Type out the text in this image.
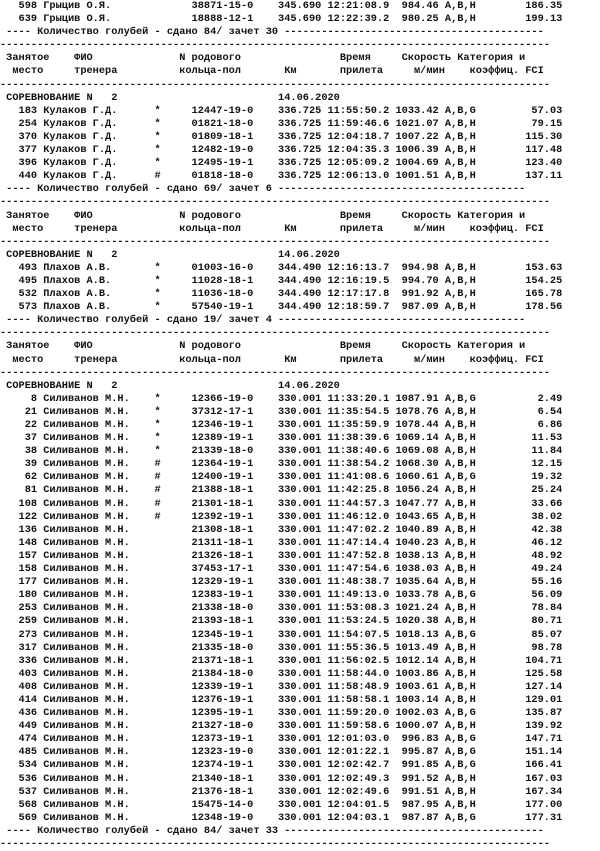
598 Грыцив О.Я.             38871-15-0    345.690 12:21:08.9  984.46 А,В,Н        186.35
639 Грыцив О.Я.             18888-12-1    345.690 12:22:39.2  980.25 А,В,Н        199.13
---- Количество голубей - сдано 84/ зачет 30 ------------------------------------------
-----------------------------------------------------------------------------------------
Занятое    ФИО              N родового                Время     Скорость Категория и
место     тренера          кольца-пол       Км       прилета     м/мин    коэффиц. FCI
-----------------------------------------------------------------------------------------
СОРЕВНОВАНИЕ N   2                          14.06.2020
183 Кулаков Г.Д.      *     12447-19-0    336.725 11:55:50.2 1033.42 А,В,G         57.03
254 Кулаков Г.Д.      *     01821-18-0    336.725 11:59:46.6 1021.07 А,В,Н         79.15
370 Кулаков Г.Д.      *     01809-18-1    336.725 12:04:18.7 1007.22 А,В,Н        115.30
377 Кулаков Г.Д.      *     12482-19-0    336.725 12:04:35.3 1006.39 А,В,Н        117.48
396 Кулаков Г.Д.      *     12495-19-1    336.725 12:05:09.2 1004.69 А,В,Н        123.40
440 Кулаков Г.Д.      #     01818-18-0    336.725 12:06:13.0 1001.51 А,В,Н        137.11
---- Количество голубей - сдано 69/ зачет 6 ----------------------------------------
-----------------------------------------------------------------------------------------
Занятое    ФИО              N родового                Время     Скорость Категория и
место     тренера          кольца-пол       Км       прилета     м/мин    коэффиц. FCI
-----------------------------------------------------------------------------------------
СОРЕВНОВАНИЕ N   2                          14.06.2020
493 Плахов А.В.       *     01003-16-0    344.490 12:16:13.7  994.98 А,В,Н        153.63
495 Плахов А.В.       *     11028-18-1    344.490 12:16:19.5  994.70 А,В,Н        154.25
532 Плахов А.В.       *     11036-18-0    344.490 12:17:17.8  991.92 А,В,Н        165.78
573 Плахов А.В.       *     57540-19-1    344.490 12:18:59.7  987.09 А,В,Н        178.56
---- Количество голубей - сдано 19/ зачет 4 ----------------------------------------
-----------------------------------------------------------------------------------------
Занятое    ФИО              N родового                Время     Скорость Категория и
место     тренера          кольца-пол       Км       прилета     м/мин    коэффиц. FCI
-----------------------------------------------------------------------------------------
СОРЕВНОВАНИЕ N   2                          14.06.2020
8 Силиванов М.Н.    *     12366-19-0    330.001 11:33:20.1 1087.91 А,В,G          2.49
21 Силиванов М.Н.    *     37312-17-1    330.001 11:35:54.5 1078.76 А,В,Н          6.54
22 Силиванов М.Н.    *     12346-19-1    330.001 11:35:59.9 1078.44 А,В,Н          6.86
37 Силиванов М.Н.    *     12389-19-1    330.001 11:38:39.6 1069.14 А,В,Н         11.53
38 Силиванов М.Н.    *     21339-18-0    330.001 11:38:40.6 1069.08 А,В,Н         11.84
39 Силиванов М.Н.    #     12364-19-1    330.001 11:38:54.2 1068.30 А,В,Н         12.15
62 Силиванов М.Н.    #     12400-19-1    330.001 11:41:08.6 1060.61 А,В,G         19.32
81 Силиванов М.Н.    #     21388-18-1    330.001 11:42:25.8 1056.24 А,В,Н         25.24
108 Силиванов М.Н.    #     21301-18-1    330.001 11:44:57.3 1047.77 А,В,Н         33.66
122 Силиванов М.Н.    #     12392-19-1    330.001 11:46:12.0 1043.65 А,В,Н         38.02
136 Силиванов М.Н.          21308-18-1    330.001 11:47:02.2 1040.89 А,В,Н         42.38
148 Силиванов М.Н.          21311-18-1    330.001 11:47:14.4 1040.23 А,В,Н         46.12
157 Силиванов М.Н.          21326-18-1    330.001 11:47:52.8 1038.13 А,В,Н         48.92
158 Силиванов М.Н.          37453-17-1    330.001 11:47:54.6 1038.03 А,В,Н         49.24
177 Силиванов М.Н.          12329-19-1    330.001 11:48:38.7 1035.64 А,В,Н         55.16
180 Силиванов М.Н.          12383-19-1    330.001 11:49:13.0 1033.78 А,В,G         56.09
253 Силиванов М.Н.          21338-18-0    330.001 11:53:08.3 1021.24 А,В,Н         78.84
259 Силиванов М.Н.          21393-18-1    330.001 11:53:24.5 1020.38 А,В,Н         80.71
273 Силиванов М.Н.          12345-19-1    330.001 11:54:07.5 1018.13 А,В,G         85.07
317 Силиванов М.Н.          21335-18-0    330.001 11:55:36.5 1013.49 А,В,Н         98.78
336 Силиванов М.Н.          21371-18-1    330.001 11:56:02.5 1012.14 А,В,Н        104.71
403 Силиванов М.Н.          21384-18-0    330.001 11:58:44.0 1003.86 А,В,Н        125.58
408 Силиванов М.Н.          12339-19-1    330.001 11:58:48.9 1003.61 А,В,Н        127.14
414 Силиванов М.Н.          12376-19-1    330.001 11:58:58.1 1003.14 А,В,Н        129.01
436 Силиванов М.Н.          12395-19-1    330.001 11:59:20.0 1002.03 А,В,G        135.87
449 Силиванов М.Н.          21327-18-0    330.001 11:59:58.6 1000.07 А,В,Н        139.92
474 Силиванов М.Н.          12373-19-1    330.001 12:01:03.0  996.83 А,В,G        147.71
485 Силиванов М.Н.          12323-19-0    330.001 12:01:22.1  995.87 А,В,G        151.14
534 Силиванов М.Н.          12374-19-1    330.001 12:02:42.7  991.85 А,В,G        166.41
536 Силиванов М.Н.          21340-18-1    330.001 12:02:49.3  991.52 А,В,Н        167.03
537 Силиванов М.Н.          21376-18-1    330.001 12:02:49.6  991.51 А,В,Н        167.34
568 Силиванов М.Н.          15475-14-0    330.001 12:04:01.5  987.95 А,В,Н        177.00
569 Силиванов М.Н.          12348-19-0    330.001 12:04:03.1  987.87 А,В,G        177.31
---- Количество голубей - сдано 84/ зачет 33 ------------------------------------------
-----------------------------------------------------------------------------------------
